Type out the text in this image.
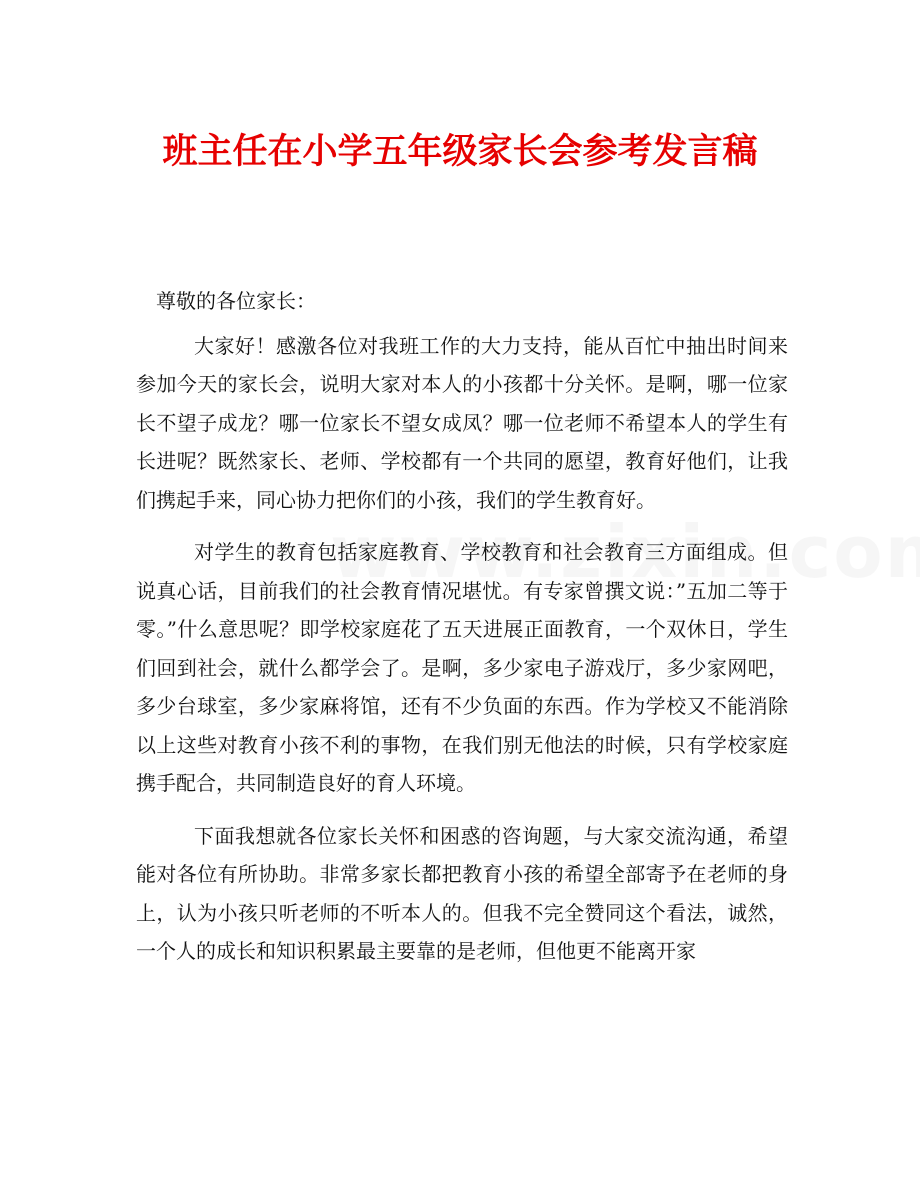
班主任在小学五年级家长会参考发言稿

尊敬的各位家长：

大家好！感激各位对我班工作的大力支持，能从百忙中抽出时间来参加今天的家长会，说明大家对本人的小孩都十分关怀。是啊，哪一位家长不望子成龙？哪一位家长不望女成凤？哪一位老师不希望本人的学生有长进呢？既然家长、老师、学校都有一个共同的愿望，教育好他们，让我们携起手来，同心协力把你们的小孩，我们的学生教育好。

对学生的教育包括家庭教育、学校教育和社会教育三方面组成。但说真心话，目前我们的社会教育情况堪忧。有专家曾撰文说：”五加二等于零。”什么意思呢？即学校家庭花了五天进展正面教育，一个双休日，学生们回到社会，就什么都学会了。是啊，多少家电子游戏厅，多少家网吧，多少台球室，多少家麻将馆，还有不少负面的东西。作为学校又不能消除以上这些对教育小孩不利的事物，在我们别无他法的时候，只有学校家庭携手配合，共同制造良好的育人环境。

下面我想就各位家长关怀和困惑的咨询题，与大家交流沟通，希望能对各位有所协助。非常多家长都把教育小孩的希望全部寄予在老师的身上，认为小孩只听老师的不听本人的。但我不完全赞同这个看法，诚然，一个人的成长和知识积累最主要靠的是老师，但他更不能离开家
